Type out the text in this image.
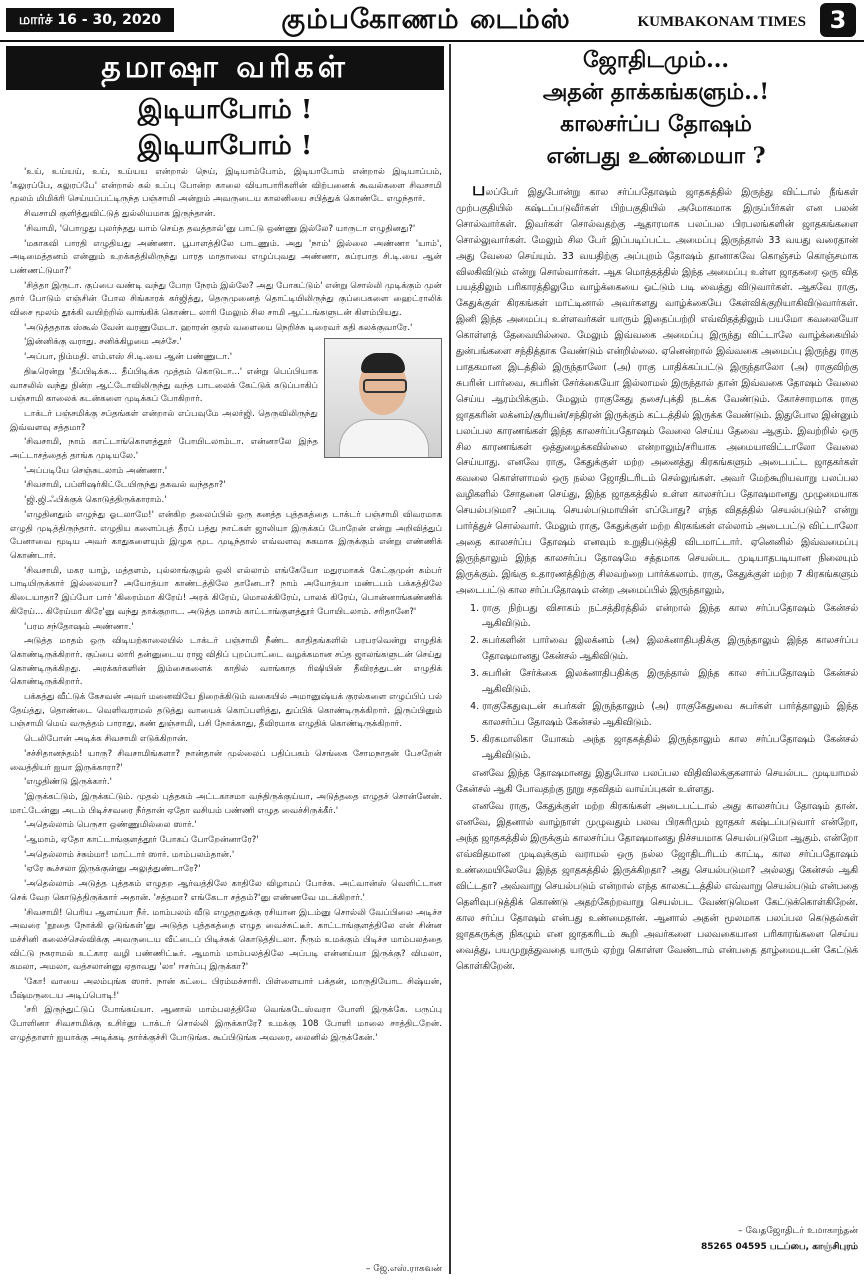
மார்ச் 16 - 30, 2020	கும்பகோணம் டைம்ஸ்	KUMBAKONAM TIMES 3
தமாஷா வரிகள்
இடியாபோம் !
இடியாபோம் !

'உய், உய்யய், உய், உய்யய என்றால் நெய், இடியாம்போம், இடியாபோம் என்றால் இடியாப்பம், 'கலுரப்பே, கலுரப்பே' என்றால் கல் உப்பு போன்ற காலை வியாபாரிகளின் விற்பனைக் கூவல்களை சிவசாமி மூலம் மிமிக்ரி செய்யப்பட்டிருந்த பஞ்சாமி அன்றும் அவருடைய காலனியை சபித்துக் கொண்டே எழுந்தார்.

சிவசாமி குளித்துவிட்டுத் துல்லியமாக இருந்தான்.

'சிவாமி, 'பொழுது புலர்ந்தது யாம் செய்த தவத்தால்'னு பாட்டு ஒண்ணு இல்லே? யாருடா எழுதினது?'

'மகாகவி பாரதி எழுதியது அண்ணா. பூபாளத்திலே பாடணும். அது 'நாம்' இல்லை அண்ணா 'யாம்', அடிமைத்தனம் என்னும் உறக்கத்திலிருந்து பாரத மாதாவை எழுப்புவது அண்ணா, சுப்ரபாத சி.டி.யை ஆன் பண்ணட்டுமா?'

'சித்தா இருடா. குப்பை வண்டி வந்து போற நேரம் இல்லே? அது போகட்டும்' என்று சொல்லி முடிக்கும் முன் தார் போடும் எஞ்சின் போல சிங்காரக் கர்ஜித்து, தெருமுனைத் தொட்டியிலிருந்து குப்பைகளை ஹைட்ராலிக் விசை மூலம் தூக்கி வயிற்றில் வாங்கிக் கொண்ட லாரி மேலும் சில சாமி ஆட்டங்களுடன் கிளம்பியது.

'அடுத்ததாக ஸ்கூல் வேன் வரணுமேடா. ஹாரன் குரல் வளையை நெறிச்சு டிரைவர் கதி கலக்குவாரே.'

'இன்னிக்கு வராது. சனிக்கிழமை அச்சே.'

'அப்பா, நிம்மதி. எம்.எஸ் சி.டி.யை ஆன் பண்ணுடா.'

திடீரென்று 'தீப்பிடிக்க... தீப்பிடிக்க முத்தம் கொடுடா...' என்று பெப்பியாக வாசலில் வந்து நின்ற ஆட்டோவிலிருந்து வந்த பாடலைக் கேட்டுக் கடுப்பாகிப் பஞ்சாமி காலைக் கடன்களை முடிக்கப் போகிறார்.

டாக்டர் பஞ்சமிக்கு சப்தங்கள் என்றால் எப்பவுமே அலர்ஜி. தெருவிலிருந்து இவ்வளவு சத்தமா?

'சிவசாமி, நாம் காட்டாங்கொளத்தூர் போயிடலாம்டா. என்னாலே இந்த அட்டாசத்தைத் தாங்க முடியலே.'

'அப்படியே செஞ்சுடலாம் அண்ணா.'

'சிவசாமி, பப்ளிஷர்கிட்டேயிருந்து தகவல் வந்ததா?'

'ஜி.ஜி.ஃபிக்குக் கொடுத்திருக்காராம்.'

'எழுதினதும் எழுந்து ஓடலாமே!' என்கிற தலைப்பில் ஒரு கனத்த புத்தகத்தை டாக்டர் பஞ்சாமி விவரமாக எழுதி முடித்திருந்தார். எழுதிய களைப்புத் தீரப் பத்து நாட்கள் ஜாலியா இருக்கப் போறேன் என்று அறிவித்துப் பேனாவை மூடிய அவர் காதுகளையும் இழுக மூட முடிந்தால் எவ்வளவு சுகமாக இருக்கும் என்று எண்ணிக் கொண்டார்.

'சிவசாமி, மகர யாழ், மத்தளம், புல்லாங்குழல் ஒலி எல்லாம் எங்கேயோ மதுரமாகக் கேட்குமுன் கம்பர் பாடியிருக்கார் இல்லையா? அயோத்யா காண்டத்திலே தானேடா? நாம் அயோத்யா மண்டபம் பக்கத்திலே கிடையாதா? இப்போ பார் 'கிரைம்மா கிரேய்! அரக் கிரேய், மொலக்கிரேய், பாலக் கிரேய், பொன்னாங்கண்ணிக் கிரேய்... கிரேய்மா கிரே'னு வந்து தாக்குறாட. அடுத்த மாசம் காட்டாங்குளத்தூர் போயிடலாம். சரிதானே?'

'பரம சந்தோஷம் அண்ணா.'

அடுத்த மாதம் ஒரு விடியற்காலையில் டாக்டர் பஞ்சாமி நீண்ட காதிதங்களில் பரபரவென்று எழுதிக் கொண்டிருக்கிறார். குப்பை லாரி தன்னுடைய ராஜ விதிப் புறப்பாட்டை வழக்கமான சப்த ஜாலங்களுடன் செய்து கொண்டிருக்கிறது. அரக்கர்களின் இம்சைகளைக் காதில் வாங்காத ரிஷியின் தீவிரத்துடன் எழுதிக் கொண்டிருக்கிறார்.

பக்கத்து வீட்டுக் கேசவன் அவர் மனைவியே நிறைக்கிடும் வகையில் அமானுஷ்யக் குரல்களை எழுப்பிப் பல் தேய்த்து, தொண்டை வெளிவராமல் தடுத்து வாயைக் கொப்பளித்து, துப்பிக் கொண்டிருக்கிறார். இருப்பினும் பஞ்சாமி மெய் வருத்தம் பாராது, கண் துஞ்சாமி, பசி நோக்காது, தீவிரமாக எழுதிக் கொண்டிருக்கிறார்.

டெலிபோன் அடிக்க சிவசாமி எடுக்கிறான்.

'சச்சிதானந்தம்! யாரு? சிவசாமிங்களா? நான்தான் முல்லைப் பதிப்பகம் செங்கை சோமநாதன் பேசறேன் வைத்தியர் ஐயா இருக்காரா?'

'எழுதிண்டு இருக்கார்.'

'இருக்கட்டும், இருக்கட்டும். முதல் புத்தகம் அட்டகாசமா வந்திருக்குய்யா, அடுத்ததை எழுதச் சொன்னேன். மாட்டேன்னு அடம் பிடிச்சவரை நீர்தான் ஏதோ வசியம் பண்ணி எழுத வைச்சிருக்கீர்.'

'அதெல்லாம் பெருசா ஒண்ணுமில்லை ஸார்.'

'ஆமாம், ஏதோ காட்டாங்குளத்தூர் போகப் போறேன்னாரே?'

'அதெல்லாம் ச்சும்மா! மாட்டார் ஸார். மாம்பலம்தான்.'

'ஏரே கூச்சலா இருக்குன்னு அலுத்துண்டாரே?'

'அதெல்லாம் அடுத்த புத்தகம் எழுதற ஆர்வத்திலே காதிலே விழாமப் போச்சு. அட்வான்ஸ் வெளிட்டான செக் வேற கொடுத்திருக்கார் அதான். 'சத்தமா? எங்கேடா சத்தம்?'னு எண்ணவே மடக்கிறார்.'

'சிவசாமி! பெரிய ஆளய்யா நீர். மாம்பலம் வீடு எழுதறதுக்கு ரசியான இடம்னு சொல்லி வேப்பிலை அடிச்ச அவரை 'நூதை நோக்கி ஓடுங்கள்'னு அடுத்த புத்தகத்தை எழுத வைச்சுட்டீர். காட்டாங்குளத்திலே என் சின்ன மச்சினி கலைச்செல்விக்கு அவருடைய வீட்டைப் பிடிச்சுக் கொடுத்திடலா. நீரும் உமக்கும் பிடிச்ச மாம்பலத்தை விட்டு நகராமல் உட்கார வழி பண்ணிட்டீர். ஆமாம் மாம்பலத்திலே அப்படி என்னய்யா இருக்கு? விமலா, கமலா, அமலா, வத்சலான்னு ஏதாவது 'லா' ஈசர்ப்பு இருக்கா?'

'கோ! வாயை அலம்புங்க ஸார். நான் கட்டை பிரம்மச்சாரி. பிள்ளையார் பக்தன், மாருதியோட சிஷ்யன், பீஷ்மருடைய அடிப்பொடி!'

'சரி இருந்துட்டுப் போங்கய்யா. ஆனால் மாம்பலத்திலே வெங்கடேஸ்வரா போளி இருக்கே. பருப்பு போளினா சிவசாமிக்கு உசிர்னு டாக்டர் சொல்லி இருக்காரே? உமக்கு 108 போளி மாலை சாத்திடறேன். எழுத்தாளர் ஐயாக்கு அடிக்கடி தார்க்குச்சி போடுங்க. கூப்பிடுங்க அவரை, லைனில் இருக்கேன்.'

– ஜே.எஸ்.ராகவன்
ஜோதிடமும்...
அதன் தாக்கங்களும்..!
காலசர்ப்ப தோஷம்
என்பது உண்மையா ?

பலப்பேர் இதுபோன்று கால சர்ப்பதோஷம் ஜாதகத்தில் இருந்து விட்டால் நீங்கள் முற்பகுதியில் கஷ்டப்படுவீர்கள் பிற்பகுதியில் அமோகமாக இருப்பீர்கள் என பலன் சொல்வார்கள். இவர்கள் சொல்வதற்கு ஆதாரமாக பலப்பல பிரபலங்களின் ஜாதகங்களை சொல்லுவார்கள். மேலும் சில பேர் இப்படிப்பட்ட அமைப்பு இருந்தால் 33 வயது வரைதான் அது வேலை செய்யும். 33 வயதிற்கு அப்புறம் தோஷம் தானாகவே கொஞ்சம் கொஞ்சமாக விலகிவிடும் என்று சொல்வார்கள். ஆக மொத்தத்தில் இந்த அமைப்பு உள்ள ஜாதகரை ஒரு வித பயத்திலும் பரிகாரத்திலுமே வாழ்க்கையை ஓட்டும் படி வைத்து விடுவார்கள். ஆகவே ராகு, கேதுக்குள் கிரகங்கள் மாட்டினால் அவர்களது வாழ்க்கையே கேள்விக்குறியாகிவிடுவார்கள். இனி இந்த அமைப்பு உள்ளவர்கள் யாரும் இதைப்பற்றி எவ்விதத்திலும் பயமோ கவலையோ கொள்ளத் தேவையில்லை. மேலும் இவ்வகை அமைப்பு இருந்து விட்டாலே வாழ்க்கையில் துன்பங்களை சந்தித்தாக வேண்டும் என்றில்லை. ஏனென்றால் இவ்வகை அமைப்பு இருந்து ராகு பாதகமான இடத்தில் இருந்தாலோ (அ) ராகு பாதிக்கப்பட்டு இருந்தாலோ (அ) ராகுவிற்கு சுபரின் பார்வை, சுபரின் சேர்க்கையோ இல்லாமல் இருந்தால் தான் இவ்வகை தோஷம் வேலை செய்ய ஆரம்பிக்கும். மேலும் ராகுகேது தசை/புக்தி நடக்க வேண்டும். கோச்சாரமாக ராகு ஜாதகரின் லக்னம்/சூரியன்/சந்திரன் இருக்கும் கட்டத்தில் இருக்க வேண்டும். இதுபோல இன்னும் பலப்பல காரணங்கள் இந்த காலசர்ப்பதோஷம் வேலை செய்ய தேவை ஆகும். இவற்றில் ஒரு சில காரணங்கள் ஒத்துழைக்கவில்லை என்றாலும்/சரியாக அமையாவிட்டாலோ வேலை செய்யாது. எனவே ராகு, கேதுக்குள் மற்ற அனைத்து கிரகங்களும் அடைபட்ட ஜாதகர்கள் கவலை கொள்ளாமல் ஒரு நல்ல ஜோதிடரிடம் செல்லுங்கள். அவர் மேற்கூறியவாறு பலப்பல வழிகளில் சோதனை செய்து, இந்த ஜாதகத்தில் உள்ள காலசர்ப்ப தோஷமானது முழுமையாக செயல்படுமா? அப்படி செயல்படுமாயின் எப்போது? எந்த விதத்தில் செயல்படும்? என்று பார்த்துச் சொல்வார். மேலும் ராகு, கேதுக்குள் மற்ற கிரகங்கள் எல்லாம் அடைபட்டு விட்டாலோ அதை காலசர்ப்ப தோஷம் எனவும் உறுதிபடுத்தி விடமாட்டார். ஏனெனில் இவ்வமைப்பு இருந்தாலும் இந்த காலசர்ப்ப தோஷமே சத்தமாக செயல்பட முடியாதபடியான நிலையும் இருக்கும். இங்கு உதாரணத்திற்கு சிலவற்றை பார்க்கலாம். ராகு, கேதுக்குள் மற்ற 7 கிரகங்களும் அடைபட்டு கால சர்ப்பதோஷம் என்ற அமைப்பில் இருந்தாலும்,

1. ராகு நிற்பது விசாகம் நட்சத்திரத்தில் என்றால் இந்த கால சர்ப்பதோஷம் கேன்சல் ஆகிவிடும்.
2. சுபர்களின் பார்வை இலக்னம் (அ) இலக்னாதிபதிக்கு இருந்தாலும் இந்த காலசர்ப்ப தோஷமானது கேன்சல் ஆகிவிடும்.
3. சுபரின் சேர்க்கை இலக்னாதிபதிக்கு இருந்தால் இந்த கால சர்ப்பதோஷம் கேன்சல் ஆகிவிடும்.
4. ராகுகேதுவுடன் சுபர்கள் இருந்தாலும் (அ) ராகுகேதுவை சுபர்கள் பார்த்தாலும் இந்த காலசர்ப்ப தோஷம் கேன்சல் ஆகிவிடும்.
5. கிரகமாலிகா யோகம் அந்த ஜாதகத்தில் இருந்தாலும் கால சர்ப்பதோஷம் கேன்சல் ஆகிவிடும்.

எனவே இந்த தோஷமானது இதுபோல பலப்பல விதிவிலக்குகளால் செயல்பட முடியாமல் கேன்சல் ஆகி போவதற்கு நூறு சதவிதம் வாய்ப்புகள் உள்ளது.

எனவே ராகு, கேதுக்குள் மற்ற கிரகங்கள் அடைபட்டால் அது காலசர்ப்ப தோஷம் தான். எனவே, இதனால் வாழ்நாள் முழுவதும் பலவ பிரசுரிமும் ஜாதகர் கஷ்டப்படுவார் என்றோ, அந்த ஜாதகத்தில் இருக்கும் காலசர்ப்ப தோஷமானது நிச்சயமாக செயல்படுமோ ஆகும். என்றோ எவ்விதமான முடிவுக்கும் வராமல் ஒரு நல்ல ஜோதிடரிடம் காட்டி, கால சர்ப்பதோஷம் உண்மையிலேயே இந்த ஜாதகத்தில் இருக்கிறதா? அது செயல்படுமா? அல்லது கேன்சல் ஆகி விட்டதா? அவ்வாறு செயல்படும் என்றால் எந்த காலகட்டத்தில் எவ்வாறு செயல்படும் என்பதை தெளிவுபடுத்திக் கொண்டு அதற்கேற்றவாறு செயல்பட வேண்டுமென கேட்டுக்கொள்கிறேன். கால சர்ப்ப தோஷம் என்பது உண்மைதான். ஆனால் அதன் மூலமாக பலப்பல கெடுதல்கள் ஜாதகருக்கு நிகழும் என ஜாதகரிடம் கூறி அவர்களை பலவகையான பரிகாரங்களை செய்ய வைத்து, பயமுறுத்துவதை யாரும் ஏற்று கொள்ள வேண்டாம் என்பதை தாழ்மையுடன் கேட்டுக் கொள்கிறேன்.

– வேதஜோதிடர் உமாகாந்தன்
85265 04595 படப்பை, காஞ்சிபுரம்
